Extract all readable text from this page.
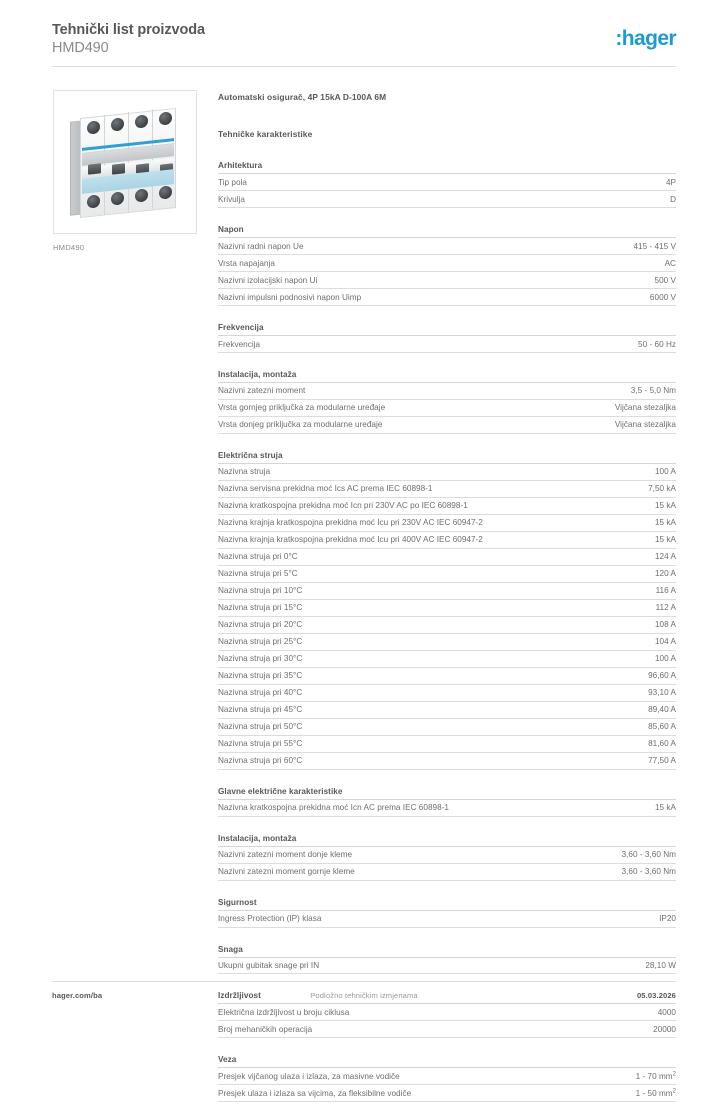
Tehnički list proizvoda
HMD490	:hager
HMD490
Automatski osigurač, 4P 15kA D-100A 6M
Tehničke karakteristike
Arhitektura
Tip pola	4P
Krivulja	D
Napon
Nazivni radni napon Ue	415 - 415 V
Vrsta napajanja	AC
Nazivni izolacijski napon Ui	500 V
Nazivni impulsni podnosivi napon Uimp	6000 V
Frekvencija
Frekvencija	50 - 60 Hz
Instalacija, montaža
Nazivni zatezni moment	3,5 - 5,0 Nm
Vrsta gornjeg priključka za modularne uređaje	Vijčana stezaljka
Vrsta donjeg priključka za modularne uređaje	Vijčana stezaljka
Električna struja
Nazivna struja	100 A
Nazivna servisna prekidna moć Ics AC prema IEC 60898-1	7,50 kA
Nazivna kratkospojna prekidna moć Icn pri 230V AC po IEC 60898-1	15 kA
Nazivna krajnja kratkospojna prekidna moć Icu pri 230V AC IEC 60947-2	15 kA
Nazivna krajnja kratkospojna prekidna moć Icu pri 400V AC IEC 60947-2	15 kA
Nazivna struja pri 0°C	124 A
Nazivna struja pri 5°C	120 A
Nazivna struja pri 10°C	116 A
Nazivna struja pri 15°C	112 A
Nazivna struja pri 20°C	108 A
Nazivna struja pri 25°C	104 A
Nazivna struja pri 30°C	100 A
Nazivna struja pri 35°C	96,60 A
Nazivna struja pri 40°C	93,10 A
Nazivna struja pri 45°C	89,40 A
Nazivna struja pri 50°C	85,60 A
Nazivna struja pri 55°C	81,60 A
Nazivna struja pri 60°C	77,50 A
Glavne električne karakteristike
Nazivna kratkospojna prekidna moć Icn AC prema IEC 60898-1	15 kA
Instalacija, montaža
Nazivni zatezni moment donje kleme	3,60 - 3,60 Nm
Nazivni zatezni moment gornje kleme	3,60 - 3,60 Nm
Sigurnost
Ingress Protection (IP) klasa	IP20
Snaga
Ukupni gubitak snage pri IN	28,10 W
Izdržljivost
Električna izdržljivost u broju ciklusa	4000
Broj mehaničkih operacija	20000
Veza
Presjek vijčanog ulaza i izlaza, za masivne vodiče	1 - 70 $mm^2$
Presjek ulaza i izlaza sa vijcima, za fleksibilne vodiče	1 - 50 $mm^2$
hager.com/ba	Podložno tehničkim izmjenama	05.03.2026
